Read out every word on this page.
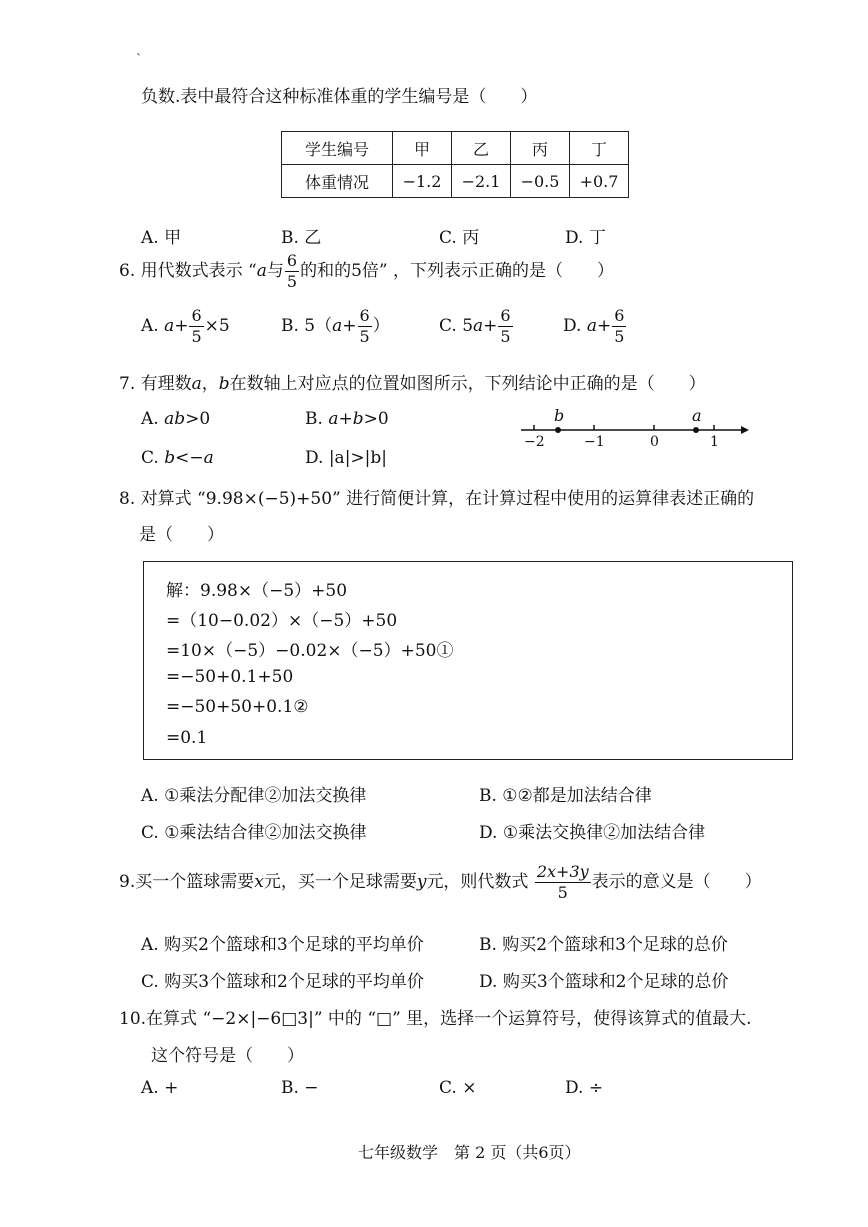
`
负数.表中最符合这种标准体重的学生编号是（　　）
学生编号	甲	乙	丙	丁
体重情况	−1.2	−2.1	−0.5	+0.7
A. 甲	B. 乙	C. 丙	D. 丁
6. 用代数式表示 “a与 $\frac{6}{5}$ 的和的5倍” ，下列表示正确的是（　　）
A. $a+ \frac{6}{5} \times 5$	B. $5(a+ \frac{6}{5}$ ）	C. $5a+ \frac{6}{5}$	D. $a+ \frac{6}{5}$
7. 有理数a，b在数轴上对应点的位置如图所示，下列结论中正确的是（　　）
A. ab>0	B. a+b>0
C. b<−a	D. |a|>|b|
−2	−1	0	1
b	a
8. 对算式 “9.98×(−5)+50” 进行简便计算，在计算过程中使用的运算律表述正确的
是（　　）
解：9.98×（−5）+50
=（10−0.02）×（−5）+50
=10×（−5）−0.02×（−5）+50①
=−50+0.1+50
=−50+50+0.1②
=0.1
A. ①乘法分配律②加法交换律	B. ①②都是加法结合律
C. ①乘法结合律②加法交换律	D. ①乘法交换律②加法结合律
9.买一个篮球需要x元，买一个足球需要y元，则代数式 $\frac{2x+3y}{5}$ 表示的意义是（　　）
A. 购买2个篮球和3个足球的平均单价	B. 购买2个篮球和3个足球的总价
C. 购买3个篮球和2个足球的平均单价	D. 购买3个篮球和2个足球的总价
10.在算式 “−2×|−6□3|” 中的 “□” 里，选择一个运算符号，使得该算式的值最大.
这个符号是（　　）
A. +	B. −	C. ×	D. ÷
七年级数学　第 2 页（共6页）
